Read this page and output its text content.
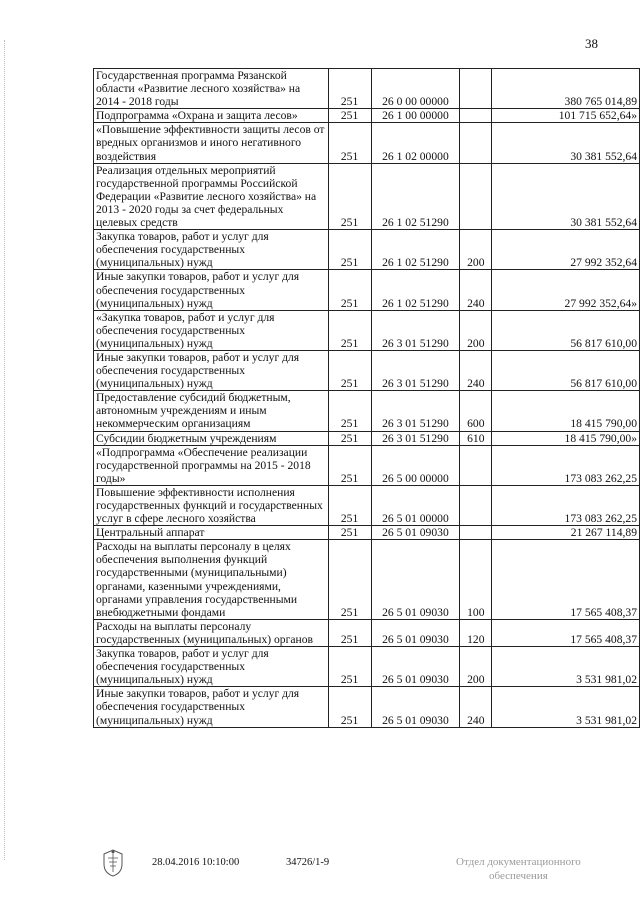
38
Государственная программа Рязанской области «Развитие лесного хозяйства» на 2014 - 2018 годы	251	26 0 00 00000		380 765 014,89
Подпрограмма «Охрана и защита лесов»	251	26 1 00 00000		101 715 652,64»
«Повышение эффективности защиты лесов от вредных организмов и иного негативного воздействия	251	26 1 02 00000		30 381 552,64
Реализация отдельных мероприятий государственной программы Российской Федерации «Развитие лесного хозяйства» на 2013 - 2020 годы за счет федеральных целевых средств	251	26 1 02 51290		30 381 552,64
Закупка товаров, работ и услуг для обеспечения государственных (муниципальных) нужд	251	26 1 02 51290	200	27 992 352,64
Иные закупки товаров, работ и услуг для обеспечения государственных (муниципальных) нужд	251	26 1 02 51290	240	27 992 352,64»
«Закупка товаров, работ и услуг для обеспечения государственных (муниципальных) нужд	251	26 3 01 51290	200	56 817 610,00
Иные закупки товаров, работ и услуг для обеспечения государственных (муниципальных) нужд	251	26 3 01 51290	240	56 817 610,00
Предоставление субсидий бюджетным, автономным учреждениям и иным некоммерческим организациям	251	26 3 01 51290	600	18 415 790,00
Субсидии бюджетным учреждениям	251	26 3 01 51290	610	18 415 790,00»
«Подпрограмма «Обеспечение реализации государственной программы на 2015 - 2018 годы»	251	26 5 00 00000		173 083 262,25
Повышение эффективности исполнения государственных функций и государственных услуг в сфере лесного хозяйства	251	26 5 01 00000		173 083 262,25
Центральный аппарат	251	26 5 01 09030		21 267 114,89
Расходы на выплаты персоналу в целях обеспечения выполнения функций государственными (муниципальными) органами, казенными учреждениями, органами управления государственными внебюджетными фондами	251	26 5 01 09030	100	17 565 408,37
Расходы на выплаты персоналу государственных (муниципальных) органов	251	26 5 01 09030	120	17 565 408,37
Закупка товаров, работ и услуг для обеспечения государственных (муниципальных) нужд	251	26 5 01 09030	200	3 531 981,02
Иные закупки товаров, работ и услуг для обеспечения государственных (муниципальных) нужд	251	26 5 01 09030	240	3 531 981,02
28.04.2016 10:10:00	34726/1-9	Отдел документационного
обеспечения
